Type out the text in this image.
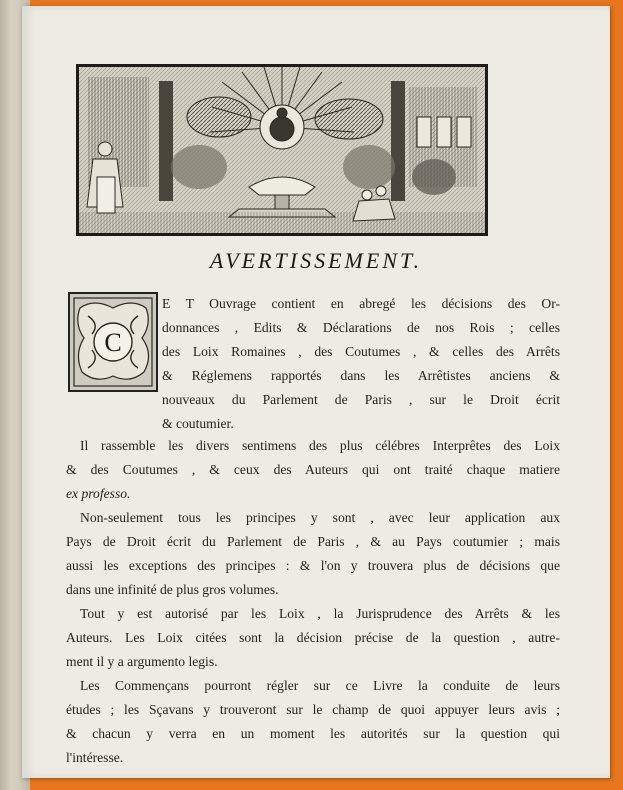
AVERTISSEMENT.
C
E T Ouvrage contient en abregé les décisions des Or-
donnances , Edits & Déclarations de nos Rois ; celles
des Loix Romaines , des Coutumes , & celles des Arrêts
& Réglemens rapportés dans les Arrêtistes anciens &
nouveaux du Parlement de Paris , sur le Droit écrit
& coutumier.
Il rassemble les divers sentimens des plus célébres Interprêtes des Loix
& des Coutumes , & ceux des Auteurs qui ont traité chaque matiere
ex professo.
Non-seulement tous les principes y sont , avec leur application aux
Pays de Droit écrit du Parlement de Paris , & au Pays coutumier ; mais
aussi les exceptions des principes : & l'on y trouvera plus de décisions que
dans une infinité de plus gros volumes.
Tout y est autorisé par les Loix , la Jurisprudence des Arrêts & les
Auteurs. Les Loix citées sont la décision précise de la question , autre-
ment il y a argumento legis.
Les Commençans pourront régler sur ce Livre la conduite de leurs
études ; les Sçavans y trouveront sur le champ de quoi appuyer leurs avis ;
& chacun y verra en un moment les autorités sur la question qui
l'intéresse.
